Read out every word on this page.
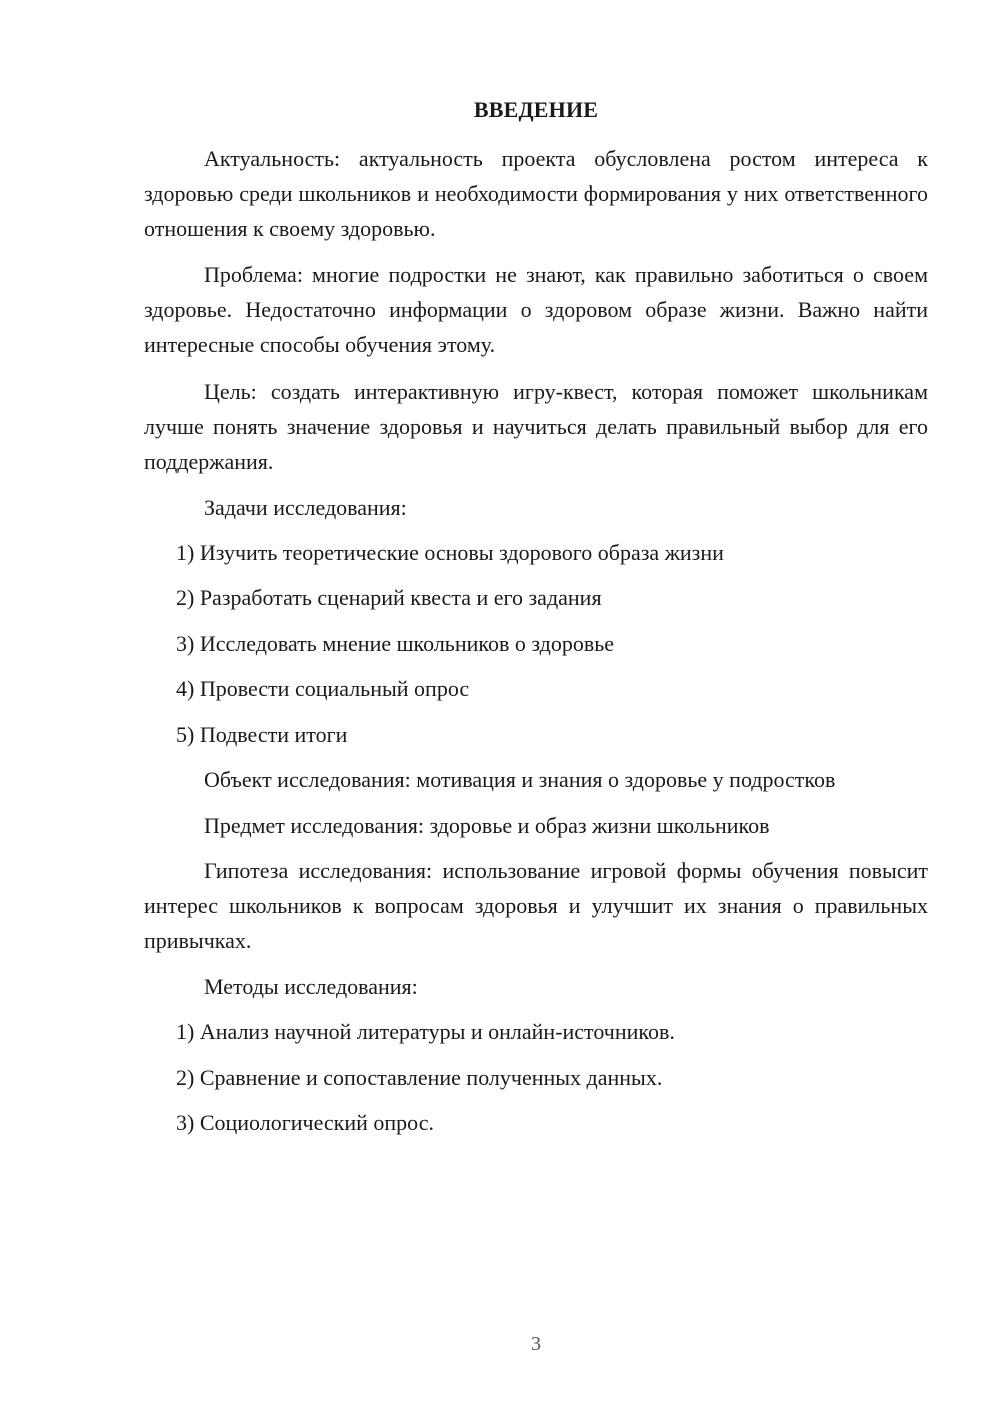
ВВЕДЕНИЕ

Актуальность: актуальность проекта обусловлена ростом интереса к здоровью среди школьников и необходимости формирования у них ответственного отношения к своему здоровью.

Проблема: многие подростки не знают, как правильно заботиться о своем здоровье. Недостаточно информации о здоровом образе жизни. Важно найти интересные способы обучения этому.

Цель: создать интерактивную игру-квест, которая поможет школьникам лучше понять значение здоровья и научиться делать правильный выбор для его поддержания.

Задачи исследования:

1) Изучить теоретические основы здорового образа жизни

2) Разработать сценарий квеста и его задания

3) Исследовать мнение школьников о здоровье

4) Провести социальный опрос

5) Подвести итоги

Объект исследования: мотивация и знания о здоровье у подростков

Предмет исследования: здоровье и образ жизни школьников

Гипотеза исследования: использование игровой формы обучения повысит интерес школьников к вопросам здоровья и улучшит их знания о правильных привычках.

Методы исследования:

1) Анализ научной литературы и онлайн-источников.

2) Сравнение и сопоставление полученных данных.

3) Социологический опрос.

3
